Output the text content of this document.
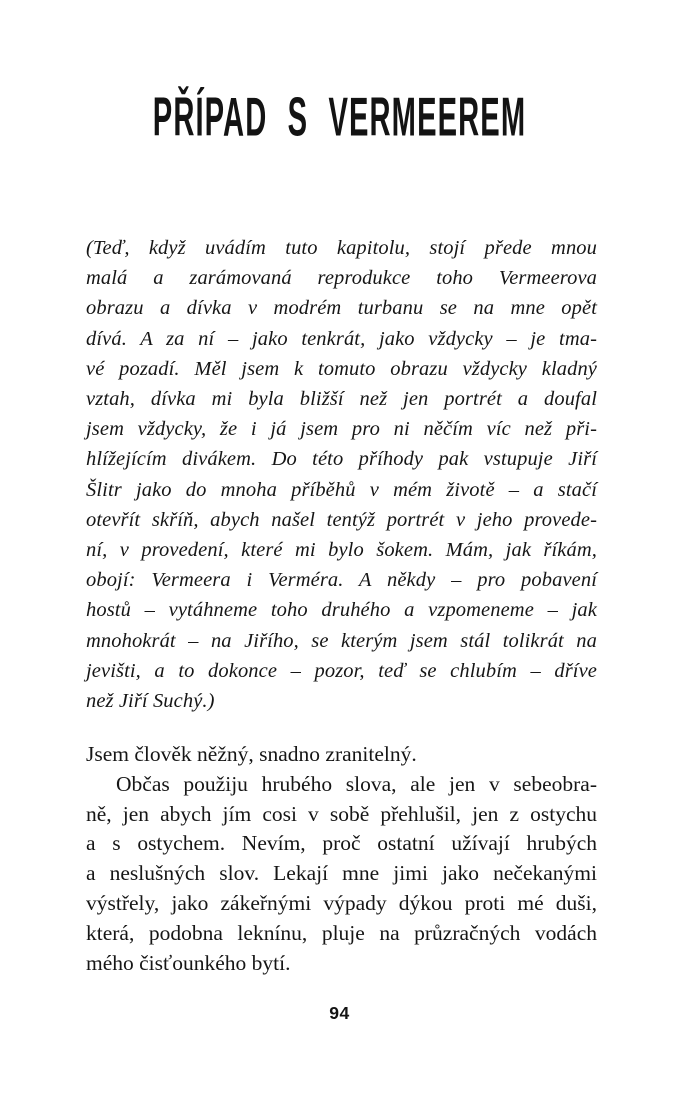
PŘÍPAD S VERMEEREM
(Teď, když uvádím tuto kapitolu, stojí přede mnou
malá a zarámovaná reprodukce toho Vermeerova
obrazu a dívka v modrém turbanu se na mne opět
dívá. A za ní – jako tenkrát, jako vždycky – je tma-
vé pozadí. Měl jsem k tomuto obrazu vždycky kladný
vztah, dívka mi byla bližší než jen portrét a doufal
jsem vždycky, že i já jsem pro ni něčím víc než při-
hlížejícím divákem. Do této příhody pak vstupuje Jiří
Šlitr jako do mnoha příběhů v mém životě – a stačí
otevřít skříň, abych našel tentýž portrét v jeho provede-
ní, v provedení, které mi bylo šokem. Mám, jak říkám,
obojí: Vermeera i Verméra. A někdy – pro pobavení
hostů – vytáhneme toho druhého a vzpomeneme – jak
mnohokrát – na Jiřího, se kterým jsem stál tolikrát na
jevišti, a to dokonce – pozor, teď se chlubím – dříve
než Jiří Suchý.)
Jsem člověk něžný, snadno zranitelný.
Občas použiju hrubého slova, ale jen v sebeobra-
ně, jen abych jím cosi v sobě přehlušil, jen z ostychu
a s ostychem. Nevím, proč ostatní užívají hrubých
a neslušných slov. Lekají mne jimi jako nečekanými
výstřely, jako zákeřnými výpady dýkou proti mé duši,
která, podobna leknínu, pluje na průzračných vodách
mého čisťounkého bytí.
94
